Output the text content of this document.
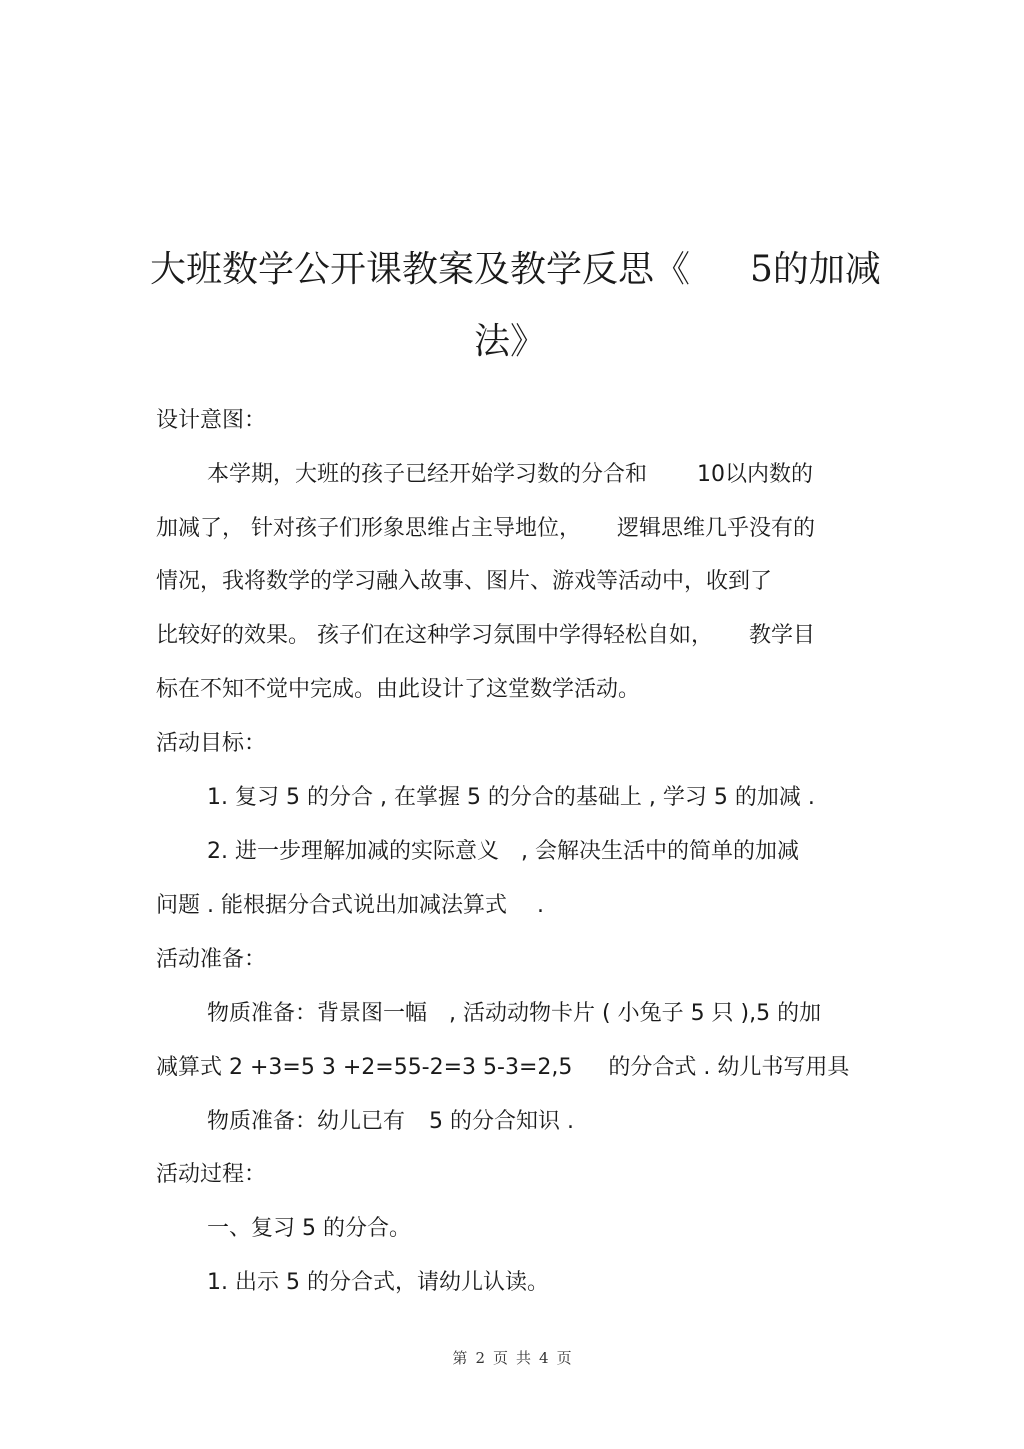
大班数学公开课教案及教学反思《 5的加减
法》
设计意图：
本学期，大班的孩子已经开始学习数的分合和 10以内数的
加减了， 针对孩子们形象思维占主导地位， 逻辑思维几乎没有的
情况，我将数学的学习融入故事、图片、游戏等活动中，收到了
比较好的效果。 孩子们在这种学习氛围中学得轻松自如， 教学目
标在不知不觉中完成。由此设计了这堂数学活动。
活动目标：
1. 复习 5 的分合 , 在掌握 5 的分合的基础上 , 学习 5 的加减 .
2. 进一步理解加减的实际意义 , 会解决生活中的简单的加减
问题 . 能根据分合式说出加减法算式 .
活动准备：
物质准备：背景图一幅 , 活动动物卡片 ( 小兔子 5 只 ),5 的加
减算式 2 +3=5 3 +2=55-2=3 5-3=2,5 的分合式 . 幼儿书写用具
物质准备：幼儿已有 5 的分合知识 .
活动过程：
一、复习 5 的分合。
1. 出示 5 的分合式，请幼儿认读。
第 2 页 共 4 页
